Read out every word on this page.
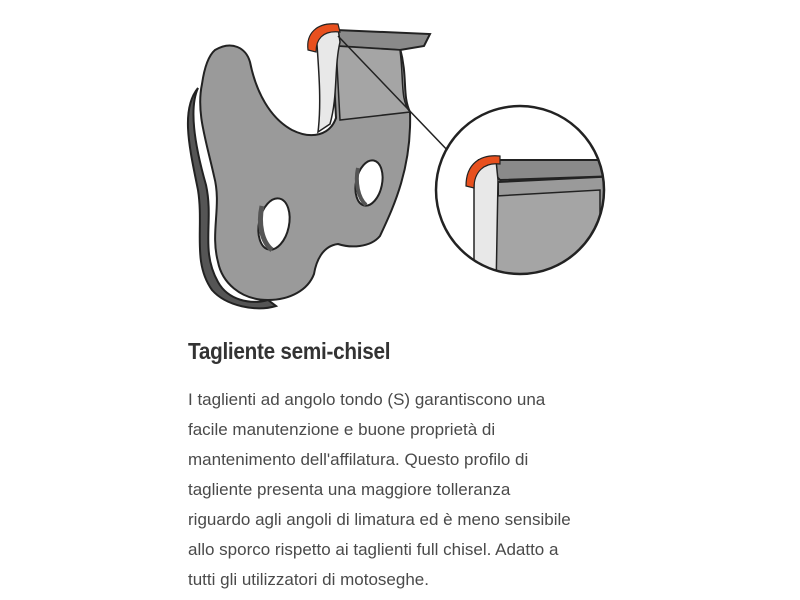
Tagliente semi-chisel

I taglienti ad angolo tondo (S) garantiscono una
facile manutenzione e buone proprietà di
mantenimento dell'affilatura. Questo profilo di
tagliente presenta una maggiore tolleranza
riguardo agli angoli di limatura ed è meno sensibile
allo sporco rispetto ai taglienti full chisel. Adatto a
tutti gli utilizzatori di motoseghe.
